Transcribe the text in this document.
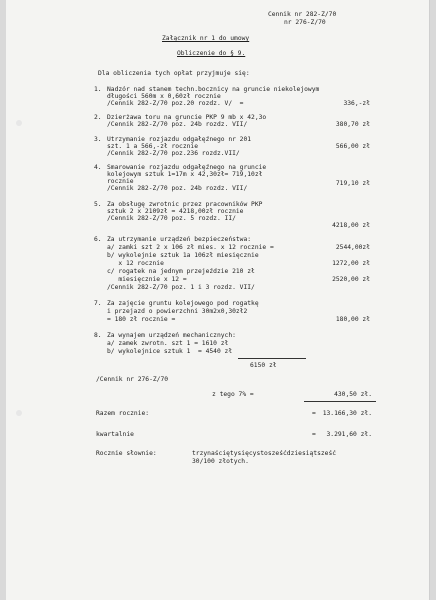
Cennik nr 282-Z/70
nr 276-Z/70
Załącznik nr 1 do umowy
Obliczenie do § 9.
Dla obliczenia tych opłat przyjmuje się:
1. Nadzór nad stanem techn.bocznicy na gruncie niekolejowym
długości 560m x 0,60zł rocznie
/Cennik 282-Z/70 poz.20 rozdz. V/  =	336,-zł
2. Dzierżawa toru na gruncie PKP 9 mb x 42,3o
/Cennik 282-Z/70 poz. 24b rozdz. VII/	380,70 zł
3. Utrzymanie rozjazdu odgałęźnego nr 201
szt. 1 a 566,-zł rocznie
/Cennik 282-Z/70 poz.236 rozdz.VII/
566,00 zł
4. Smarowanie rozjazdu odgałęźnego na gruncie
kolejowym sztuk 1=17m x 42,30zł= 719,10zł
rocznie
/Cennik 282-Z/70 poz. 24b rozdz. VII/
719,10 zł
5. Za obsługę zwrotnic przez pracowników PKP
sztuk 2 x 2109zł = 4218,00zł rocznie
/Cennik 282-Z/70 poz. 5 rozdz. II/
4218,00 zł
6. Za utrzymanie urządzeń bezpieczeństwa:
a/ zamki szt 2 x 106 zł mies. x 12 rocznie =	2544,00zł
b/ wykolejnie sztuk 1a 106zł miesięcznie
x 12 rocznie	1272,00 zł
c/ rogatek na jednym przejeździe 210 zł
miesięcznie x 12 =	2520,00 zł
/Cennik 282-Z/70 poz. 1 i 3 rozdz. VII/
7. Za zajęcie gruntu kolejowego pod rogatkę
i przejazd o powierzchni 30m2x0,30zł2
= 180 zł rocznie =	180,00 zł
8. Za wynajem urządzeń mechanicznych:
a/ zamek zwrotn. szt 1 = 1610 zł
b/ wykolejnice sztuk 1  = 4540 zł
6150 zł
/Cennik nr 276-Z/70
z tego 7% =	430,50 zł.
Razem rocznie:	= 13.166,30 zł.
kwartalnie	= 3.291,60 zł.
Rocznie słownie:	trzynaściętysięcystosześćdziesiątsześć
30/100 złotych.
